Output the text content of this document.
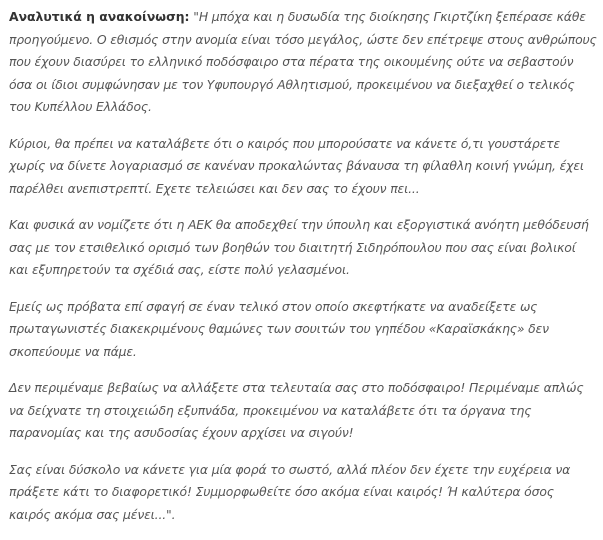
Αναλυτικά η ανακοίνωση: "Η μπόχα και η δυσωδία της διοίκησης Γκιρτζίκη ξεπέρασε κάθε προηγούμενο. Ο εθισμός στην ανομία είναι τόσο μεγάλος, ώστε δεν επέτρεψε στους ανθρώπους που έχουν διασύρει το ελληνικό ποδόσφαιρο στα πέρατα της οικουμένης ούτε να σεβαστούν όσα οι ίδιοι συμφώνησαν με τον Υφυπουργό Αθλητισμού, προκειμένου να διεξαχθεί ο τελικός του Κυπέλλου Ελλάδος.

Κύριοι, θα πρέπει να καταλάβετε ότι ο καιρός που μπορούσατε να κάνετε ό,τι γουστάρετε χωρίς να δίνετε λογαριασμό σε κανέναν προκαλώντας βάναυσα τη φίλαθλη κοινή γνώμη, έχει παρέλθει ανεπιστρεπτί. Εχετε τελειώσει και δεν σας το έχουν πει...

Και φυσικά αν νομίζετε ότι η ΑΕΚ θα αποδεχθεί την ύπουλη και εξοργιστικά ανόητη μεθόδευσή σας με τον ετσιθελικό ορισμό των βοηθών του διαιτητή Σιδηρόπουλου που σας είναι βολικοί και εξυπηρετούν τα σχέδιά σας, είστε πολύ γελασμένοι.

Εμείς ως πρόβατα επί σφαγή σε έναν τελικό στον οποίο σκεφτήκατε να αναδείξετε ως πρωταγωνιστές διακεκριμένους θαμώνες των σουιτών του γηπέδου «Καραϊσκάκης» δεν σκοπεύουμε να πάμε.

Δεν περιμέναμε βεβαίως να αλλάξετε στα τελευταία σας στο ποδόσφαιρο! Περιμέναμε απλώς να δείχνατε τη στοιχειώδη εξυπνάδα, προκειμένου να καταλάβετε ότι τα όργανα της παρανομίας και της ασυδοσίας έχουν αρχίσει να σιγούν!

Σας είναι δύσκολο να κάνετε για μία φορά το σωστό, αλλά πλέον δεν έχετε την ευχέρεια να πράξετε κάτι το διαφορετικό! Συμμορφωθείτε όσο ακόμα είναι καιρός! Ή καλύτερα όσος καιρός ακόμα σας μένει...".
